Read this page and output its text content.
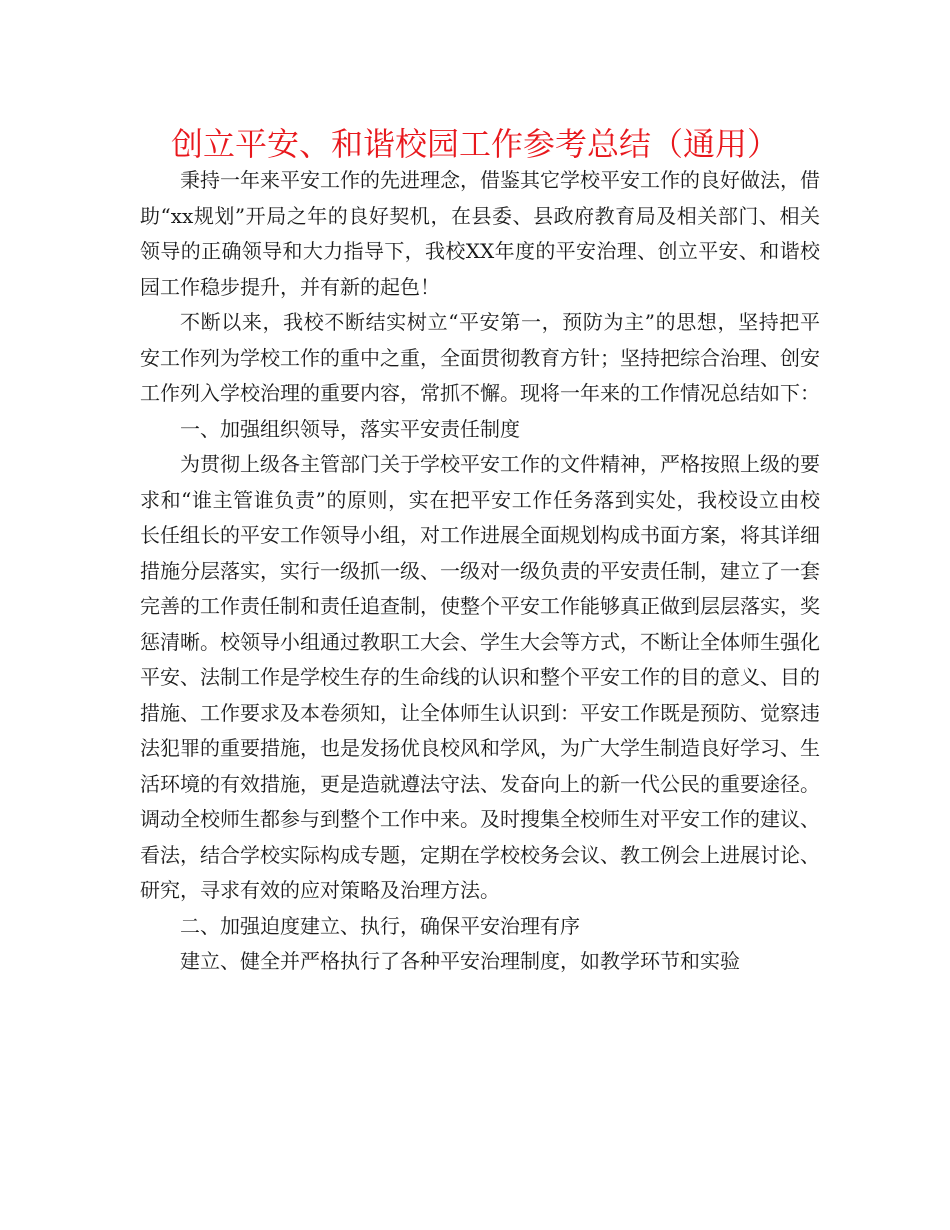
创立平安、和谐校园工作参考总结（通用）

秉持一年来平安工作的先进理念，借鉴其它学校平安工作的良好做法，借助“xx规划”开局之年的良好契机，在县委、县政府教育局及相关部门、相关领导的正确领导和大力指导下，我校XX年度的平安治理、创立平安、和谐校园工作稳步提升，并有新的起色！

不断以来，我校不断结实树立“平安第一，预防为主”的思想，坚持把平安工作列为学校工作的重中之重，全面贯彻教育方针；坚持把综合治理、创安工作列入学校治理的重要内容，常抓不懈。现将一年来的工作情况总结如下：

一、加强组织领导，落实平安责任制度

为贯彻上级各主管部门关于学校平安工作的文件精神，严格按照上级的要求和“谁主管谁负责”的原则，实在把平安工作任务落到实处，我校设立由校长任组长的平安工作领导小组，对工作进展全面规划构成书面方案，将其详细措施分层落实，实行一级抓一级、一级对一级负责的平安责任制，建立了一套完善的工作责任制和责任追查制，使整个平安工作能够真正做到层层落实，奖惩清晰。校领导小组通过教职工大会、学生大会等方式，不断让全体师生强化平安、法制工作是学校生存的生命线的认识和整个平安工作的目的意义、目的措施、工作要求及本卷须知，让全体师生认识到：平安工作既是预防、觉察违法犯罪的重要措施，也是发扬优良校风和学风，为广大学生制造良好学习、生活环境的有效措施，更是造就遵法守法、发奋向上的新一代公民的重要途径。调动全校师生都参与到整个工作中来。及时搜集全校师生对平安工作的建议、看法，结合学校实际构成专题，定期在学校校务会议、教工例会上进展讨论、研究，寻求有效的应对策略及治理方法。

二、加强迫度建立、执行，确保平安治理有序

建立、健全并严格执行了各种平安治理制度，如教学环节和实验
